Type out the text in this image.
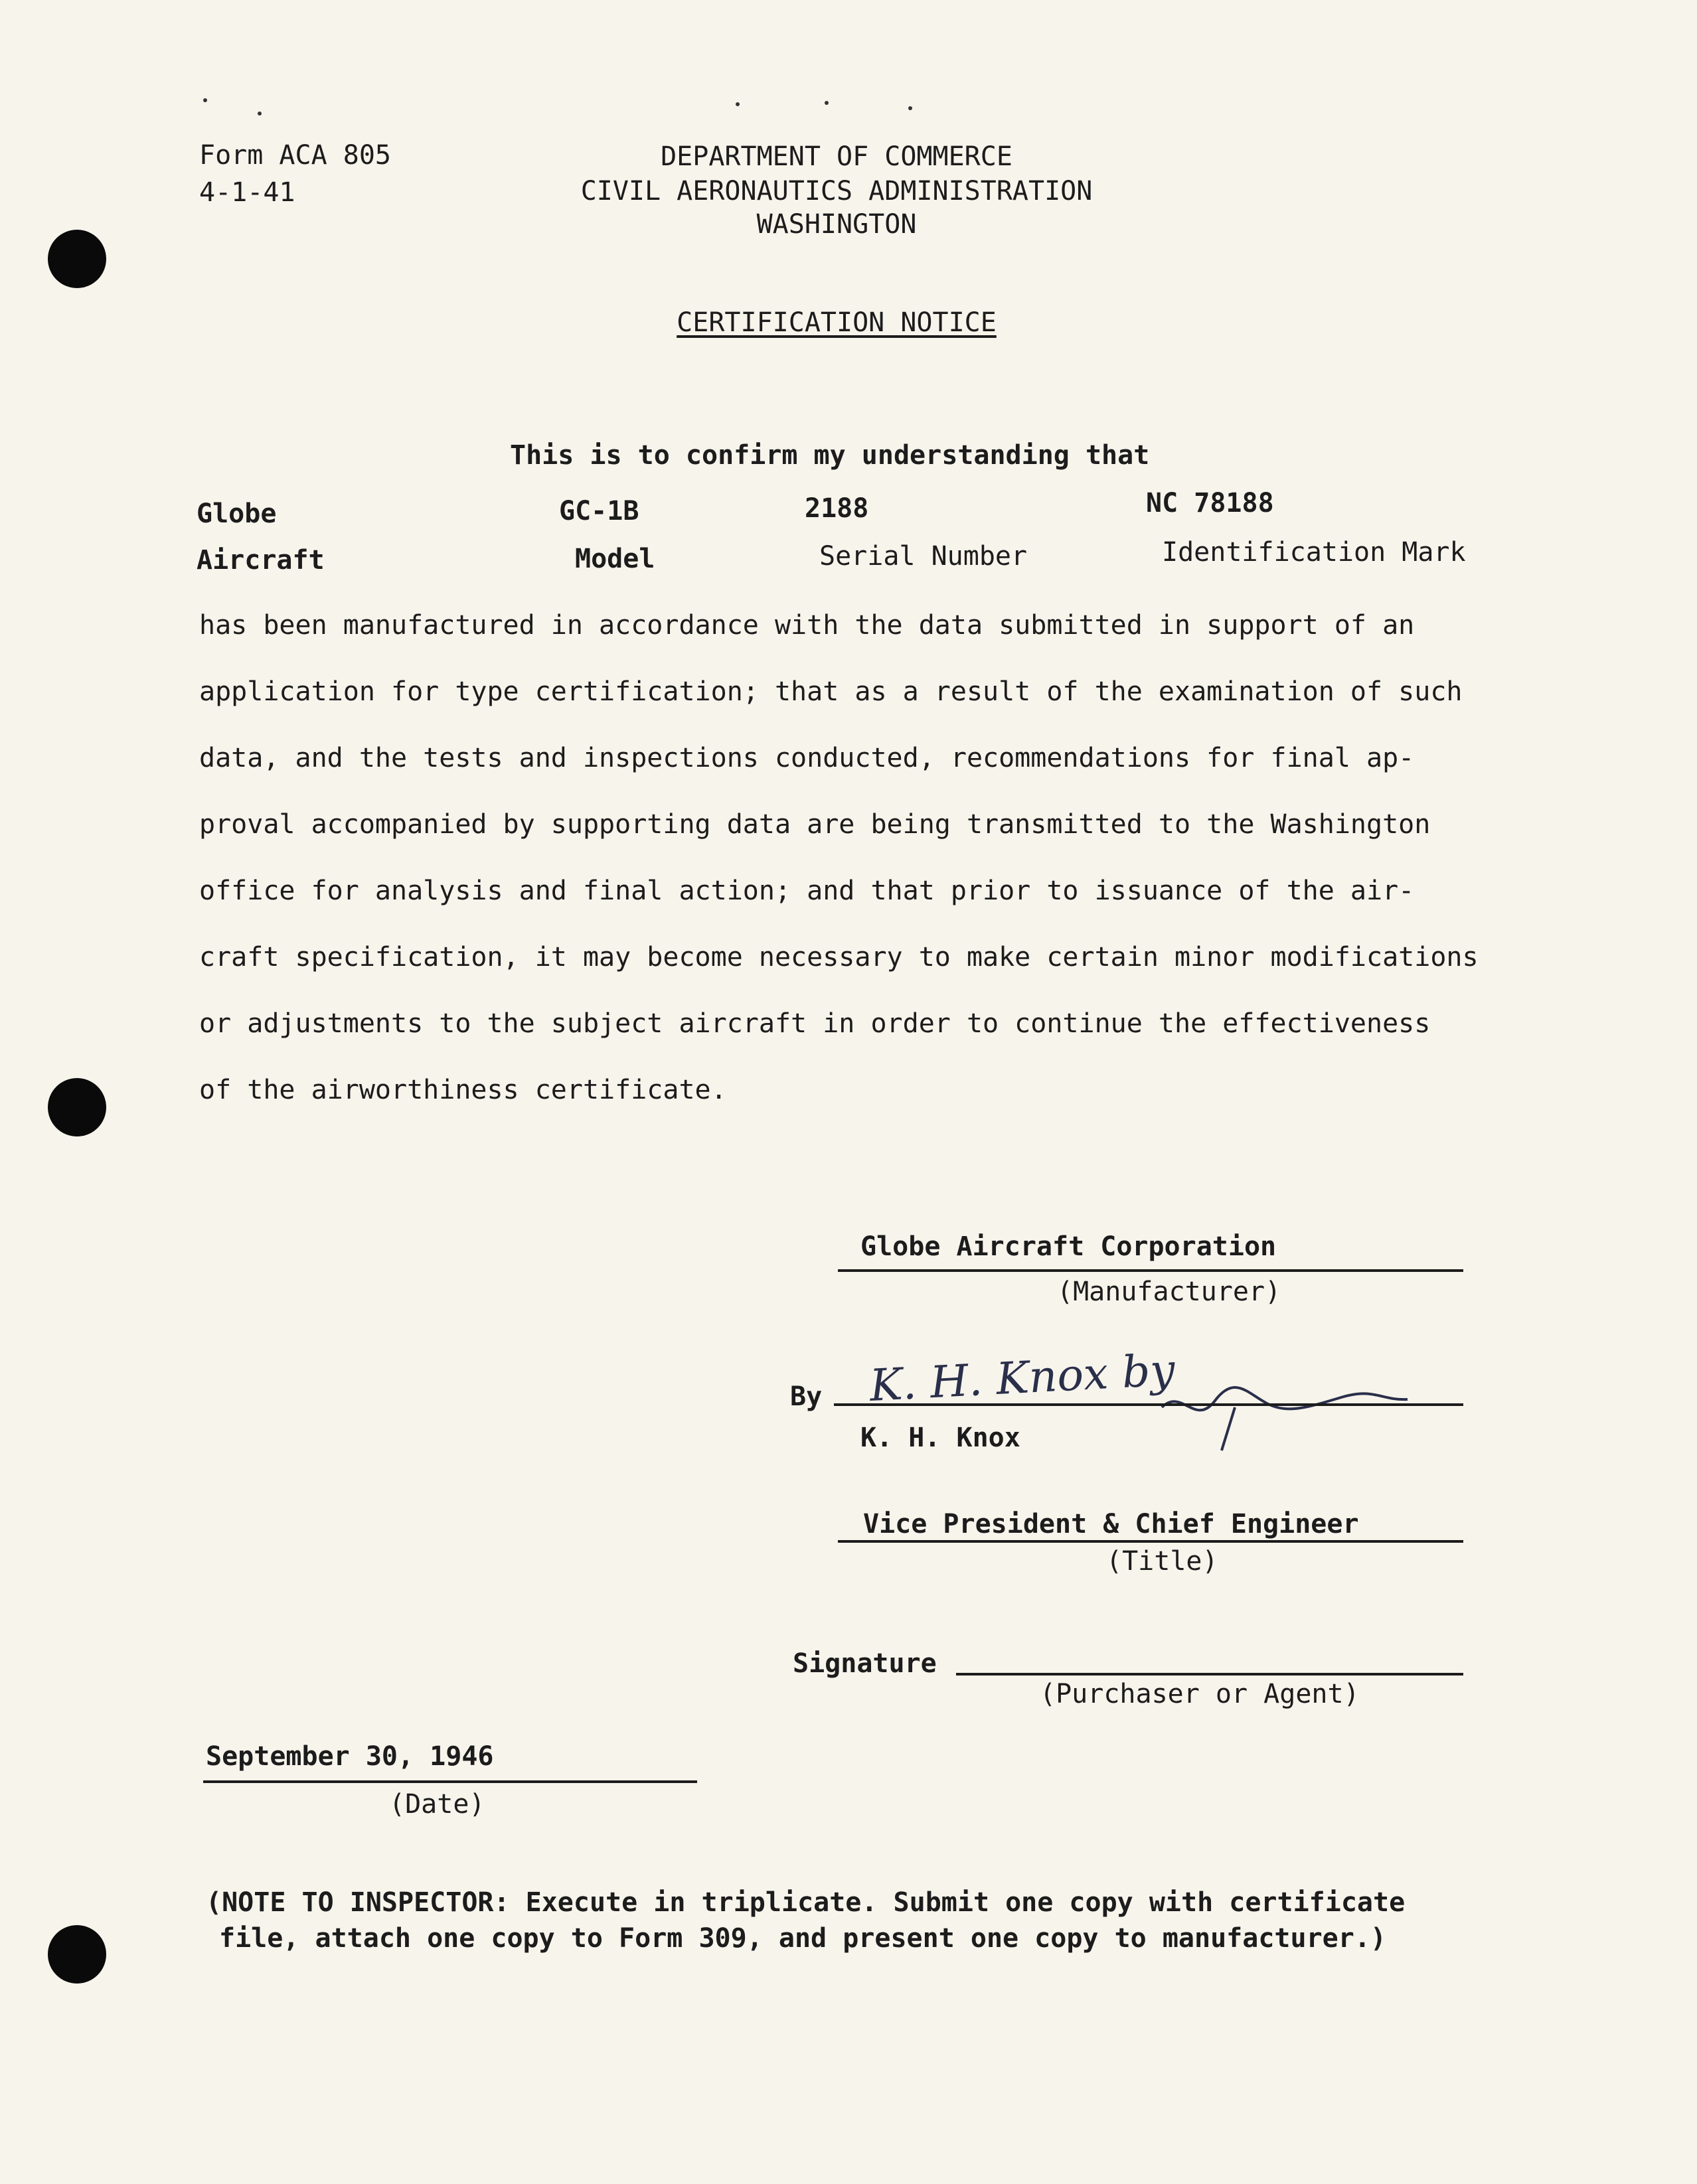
Form ACA 805
4-1-41
DEPARTMENT OF COMMERCE
CIVIL AERONAUTICS ADMINISTRATION
WASHINGTON
CERTIFICATION NOTICE
This is to confirm my understanding that
Globe	GC-1B	2188	NC 78188
Aircraft	Model	Serial Number	Identification Mark
has been manufactured in accordance with the data submitted in support of an
application for type certification; that as a result of the examination of such
data, and the tests and inspections conducted, recommendations for final ap-
proval accompanied by supporting data are being transmitted to the Washington
office for analysis and final action; and that prior to issuance of the air-
craft specification, it may become necessary to make certain minor modifications
or adjustments to the subject aircraft in order to continue the effectiveness
of the airworthiness certificate.
Globe Aircraft Corporation
(Manufacturer)
By K. H. Knox by
K. H. Knox
Vice President & Chief Engineer
(Title)
Signature
(Purchaser or Agent)
September 30, 1946
(Date)
(NOTE TO INSPECTOR: Execute in triplicate. Submit one copy with certificate
file, attach one copy to Form 309, and present one copy to manufacturer.)
